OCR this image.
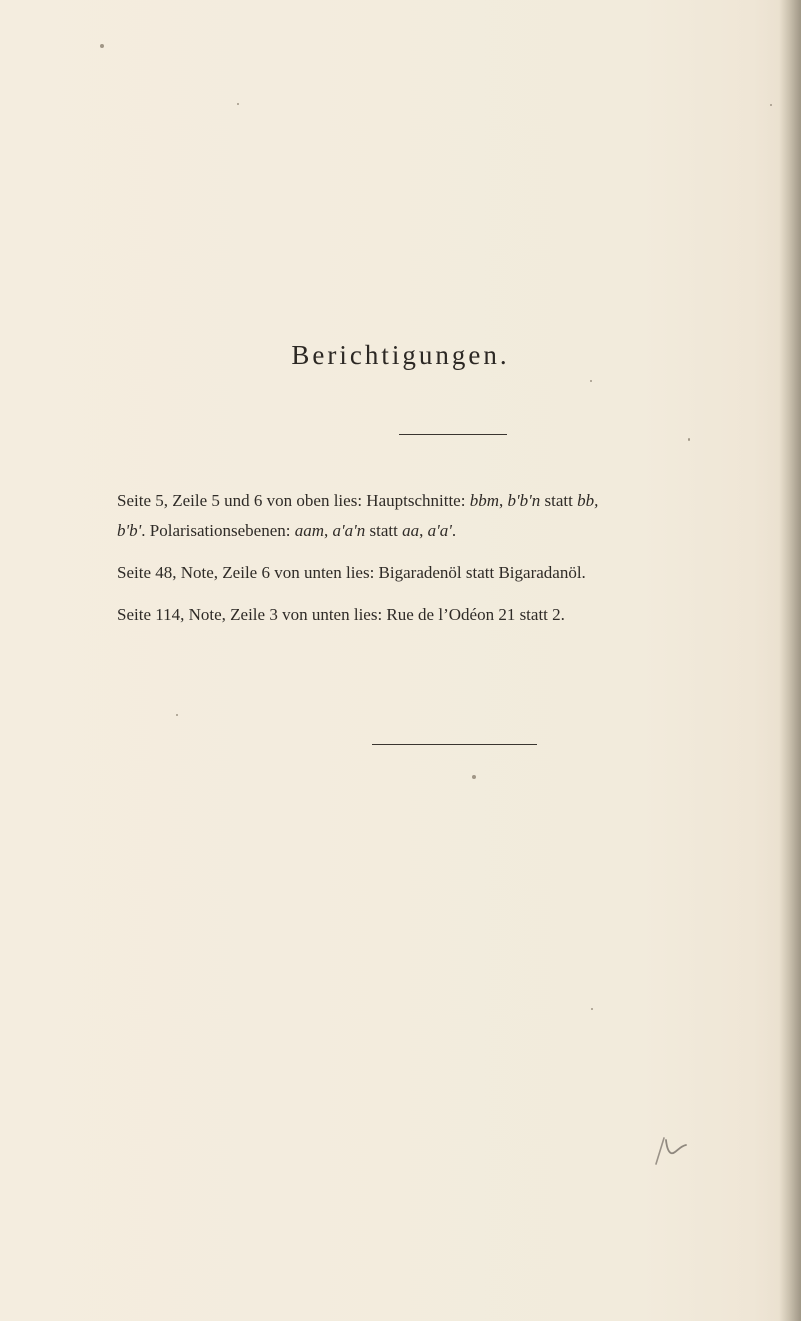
Berichtigungen.
Seite 5, Zeile 5 und 6 von oben lies: Hauptschnitte: bbm, b'b'n statt bb,
b'b'. Polarisationsebenen: aam, a'a'n statt aa, a'a'.
Seite 48, Note, Zeile 6 von unten lies: Bigaradenöl statt Bigaradanöl.
Seite 114, Note, Zeile 3 von unten lies: Rue de l’Odéon 21 statt 2.
